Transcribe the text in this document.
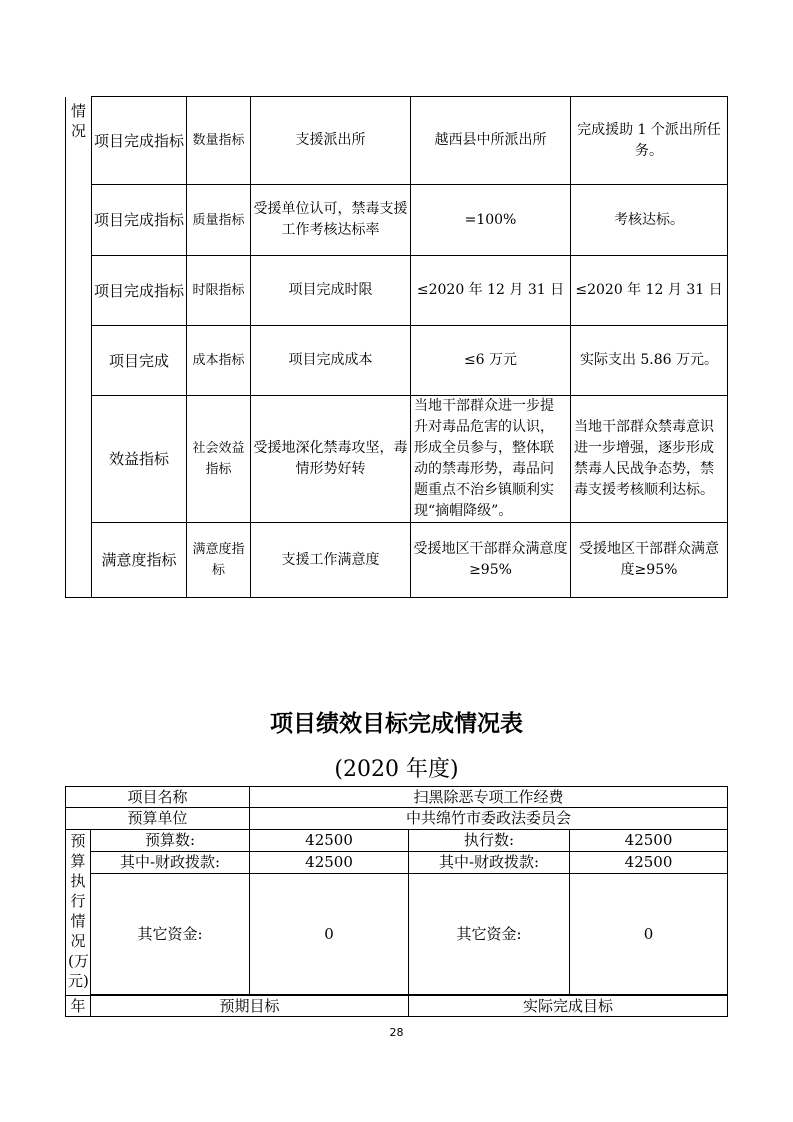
情况	项目完成指标	数量指标	支援派出所	越西县中所派出所	完成援助 1 个派出所任务。
	项目完成指标	质量指标	受援单位认可，禁毒支援工作考核达标率	=100%	考核达标。
	项目完成指标	时限指标	项目完成时限	≤2020 年 12 月 31 日	≤2020 年 12 月 31 日
	项目完成	成本指标	项目完成成本	≤6 万元	实际支出 5.86 万元。
	效益指标	社会效益指标	受援地深化禁毒攻坚，毒情形势好转	当地干部群众进一步提升对毒品危害的认识，形成全员参与，整体联动的禁毒形势，毒品问题重点不治乡镇顺利实现“摘帽降级”。	当地干部群众禁毒意识进一步增强，逐步形成禁毒人民战争态势，禁毒支援考核顺利达标。
	满意度指标	满意度指标	支援工作满意度	受援地区干部群众满意度≥95%	受援地区干部群众满意度≥95%
项目绩效目标完成情况表
(2020 年度)
项目名称		扫黑除恶专项工作经费		
预算单位		中共绵竹市委政法委员会		
预算执行情况(万元)	预算数:	42500	执行数:	42500
	其中-财政拨款:	42500	其中-财政拨款:	42500
	其它资金:	0	其它资金:	0

年	预期目标		实际完成目标	
28
